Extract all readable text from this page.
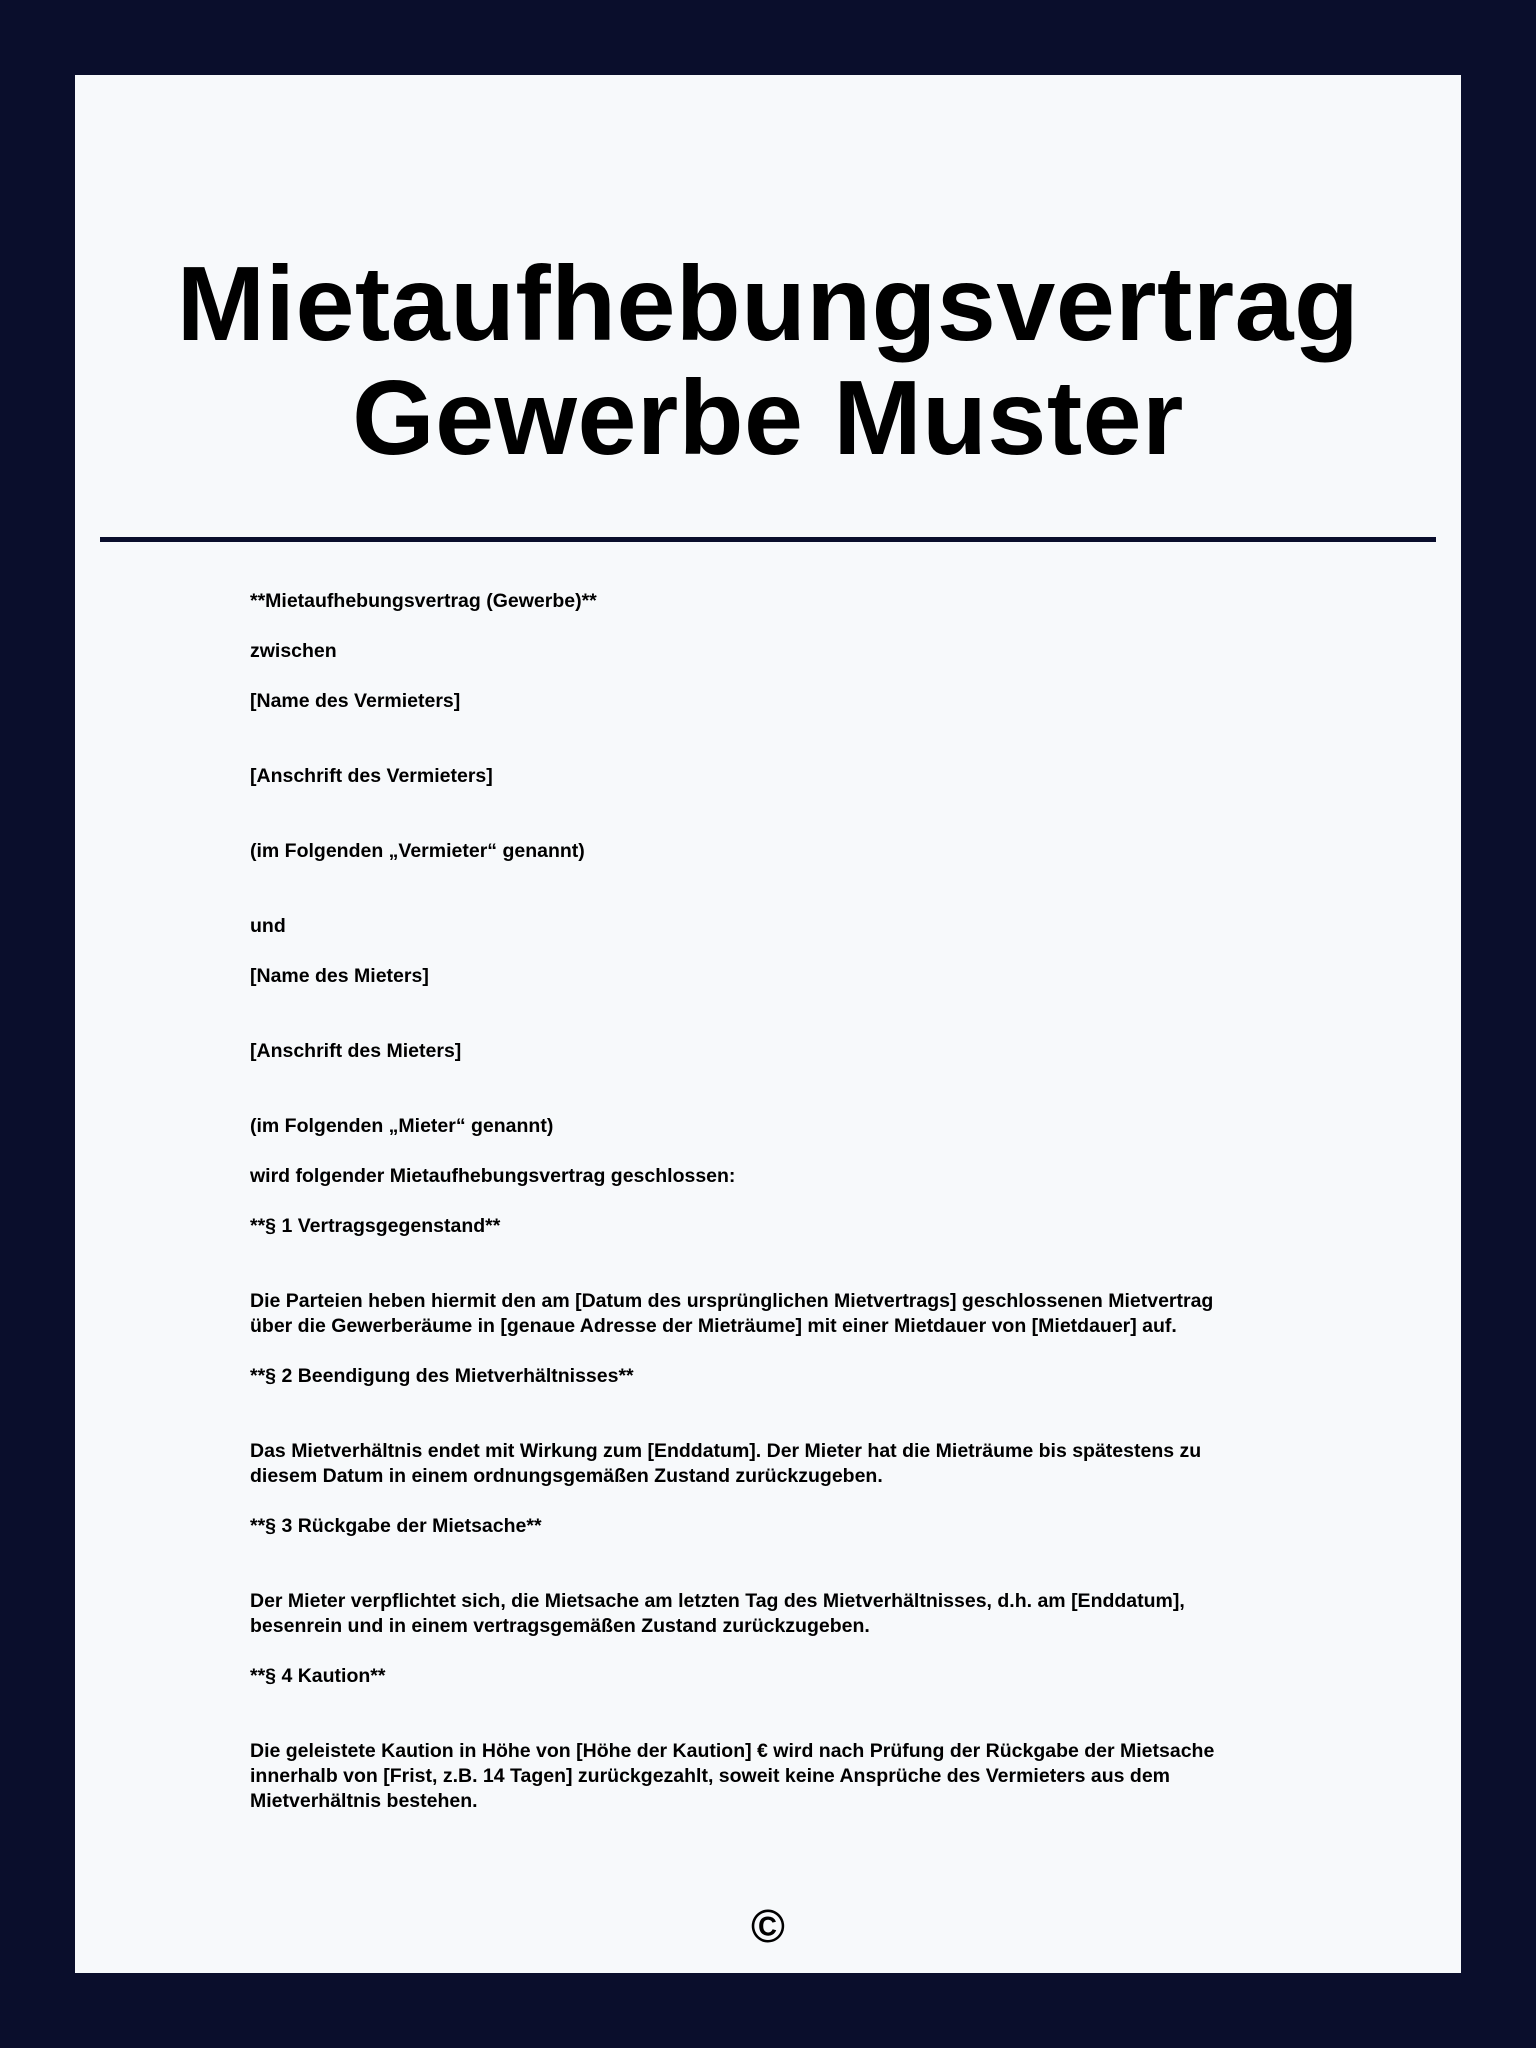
Mietaufhebungsvertrag
Gewerbe Muster
**Mietaufhebungsvertrag (Gewerbe)**
zwischen
[Name des Vermieters]
[Anschrift des Vermieters]
(im Folgenden „Vermieter“ genannt)
und
[Name des Mieters]
[Anschrift des Mieters]
(im Folgenden „Mieter“ genannt)
wird folgender Mietaufhebungsvertrag geschlossen:
**§ 1 Vertragsgegenstand**
Die Parteien heben hiermit den am [Datum des ursprünglichen Mietvertrags] geschlossenen Mietvertrag
über die Gewerberäume in [genaue Adresse der Mieträume] mit einer Mietdauer von [Mietdauer] auf.
**§ 2 Beendigung des Mietverhältnisses**
Das Mietverhältnis endet mit Wirkung zum [Enddatum]. Der Mieter hat die Mieträume bis spätestens zu
diesem Datum in einem ordnungsgemäßen Zustand zurückzugeben.
**§ 3 Rückgabe der Mietsache**
Der Mieter verpflichtet sich, die Mietsache am letzten Tag des Mietverhältnisses, d.h. am [Enddatum],
besenrein und in einem vertragsgemäßen Zustand zurückzugeben.
**§ 4 Kaution**
Die geleistete Kaution in Höhe von [Höhe der Kaution] € wird nach Prüfung der Rückgabe der Mietsache
innerhalb von [Frist, z.B. 14 Tagen] zurückgezahlt, soweit keine Ansprüche des Vermieters aus dem
Mietverhältnis bestehen.
©
